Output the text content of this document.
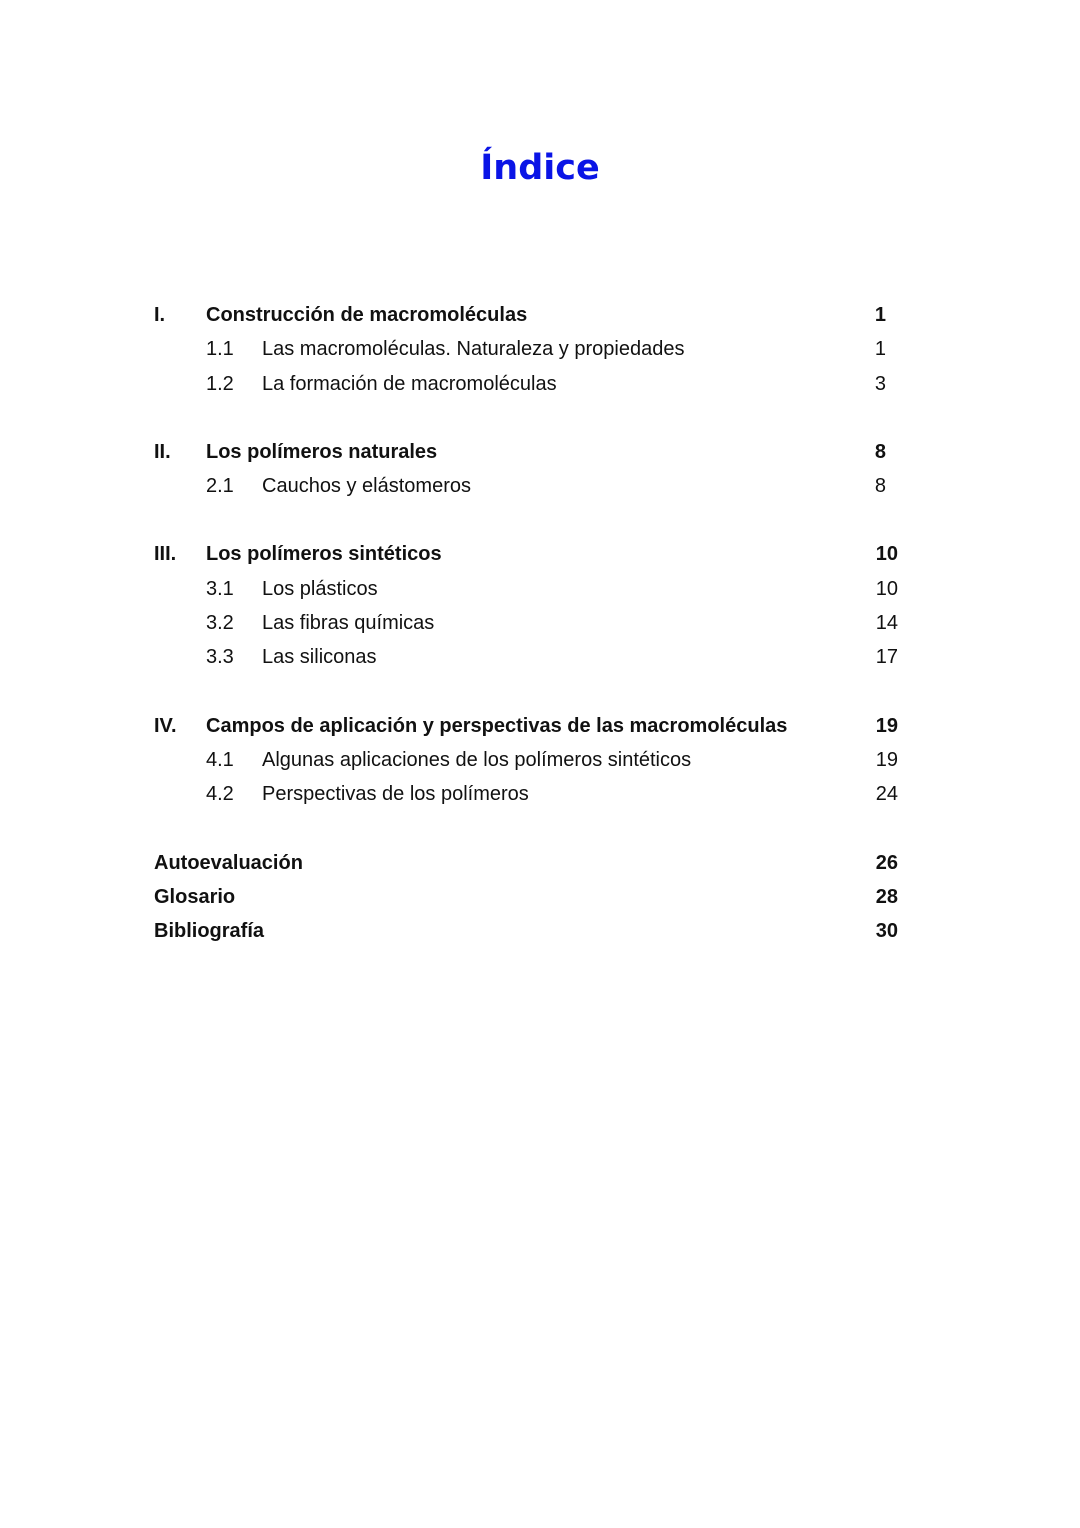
Índice
I. Construcción de macromoléculas	1
1.1 Las macromoléculas. Naturaleza y propiedades	1
1.2 La formación de macromoléculas	3
II. Los polímeros naturales	8
2.1 Cauchos y elástomeros	8
III. Los polímeros sintéticos	10
3.1 Los plásticos	10
3.2 Las fibras químicas	14
3.3 Las siliconas	17
IV. Campos de aplicación y perspectivas de las macromoléculas	19
4.1 Algunas aplicaciones de los polímeros sintéticos	19
4.2 Perspectivas de los polímeros	24
Autoevaluación	26
Glosario	28
Bibliografía	30
